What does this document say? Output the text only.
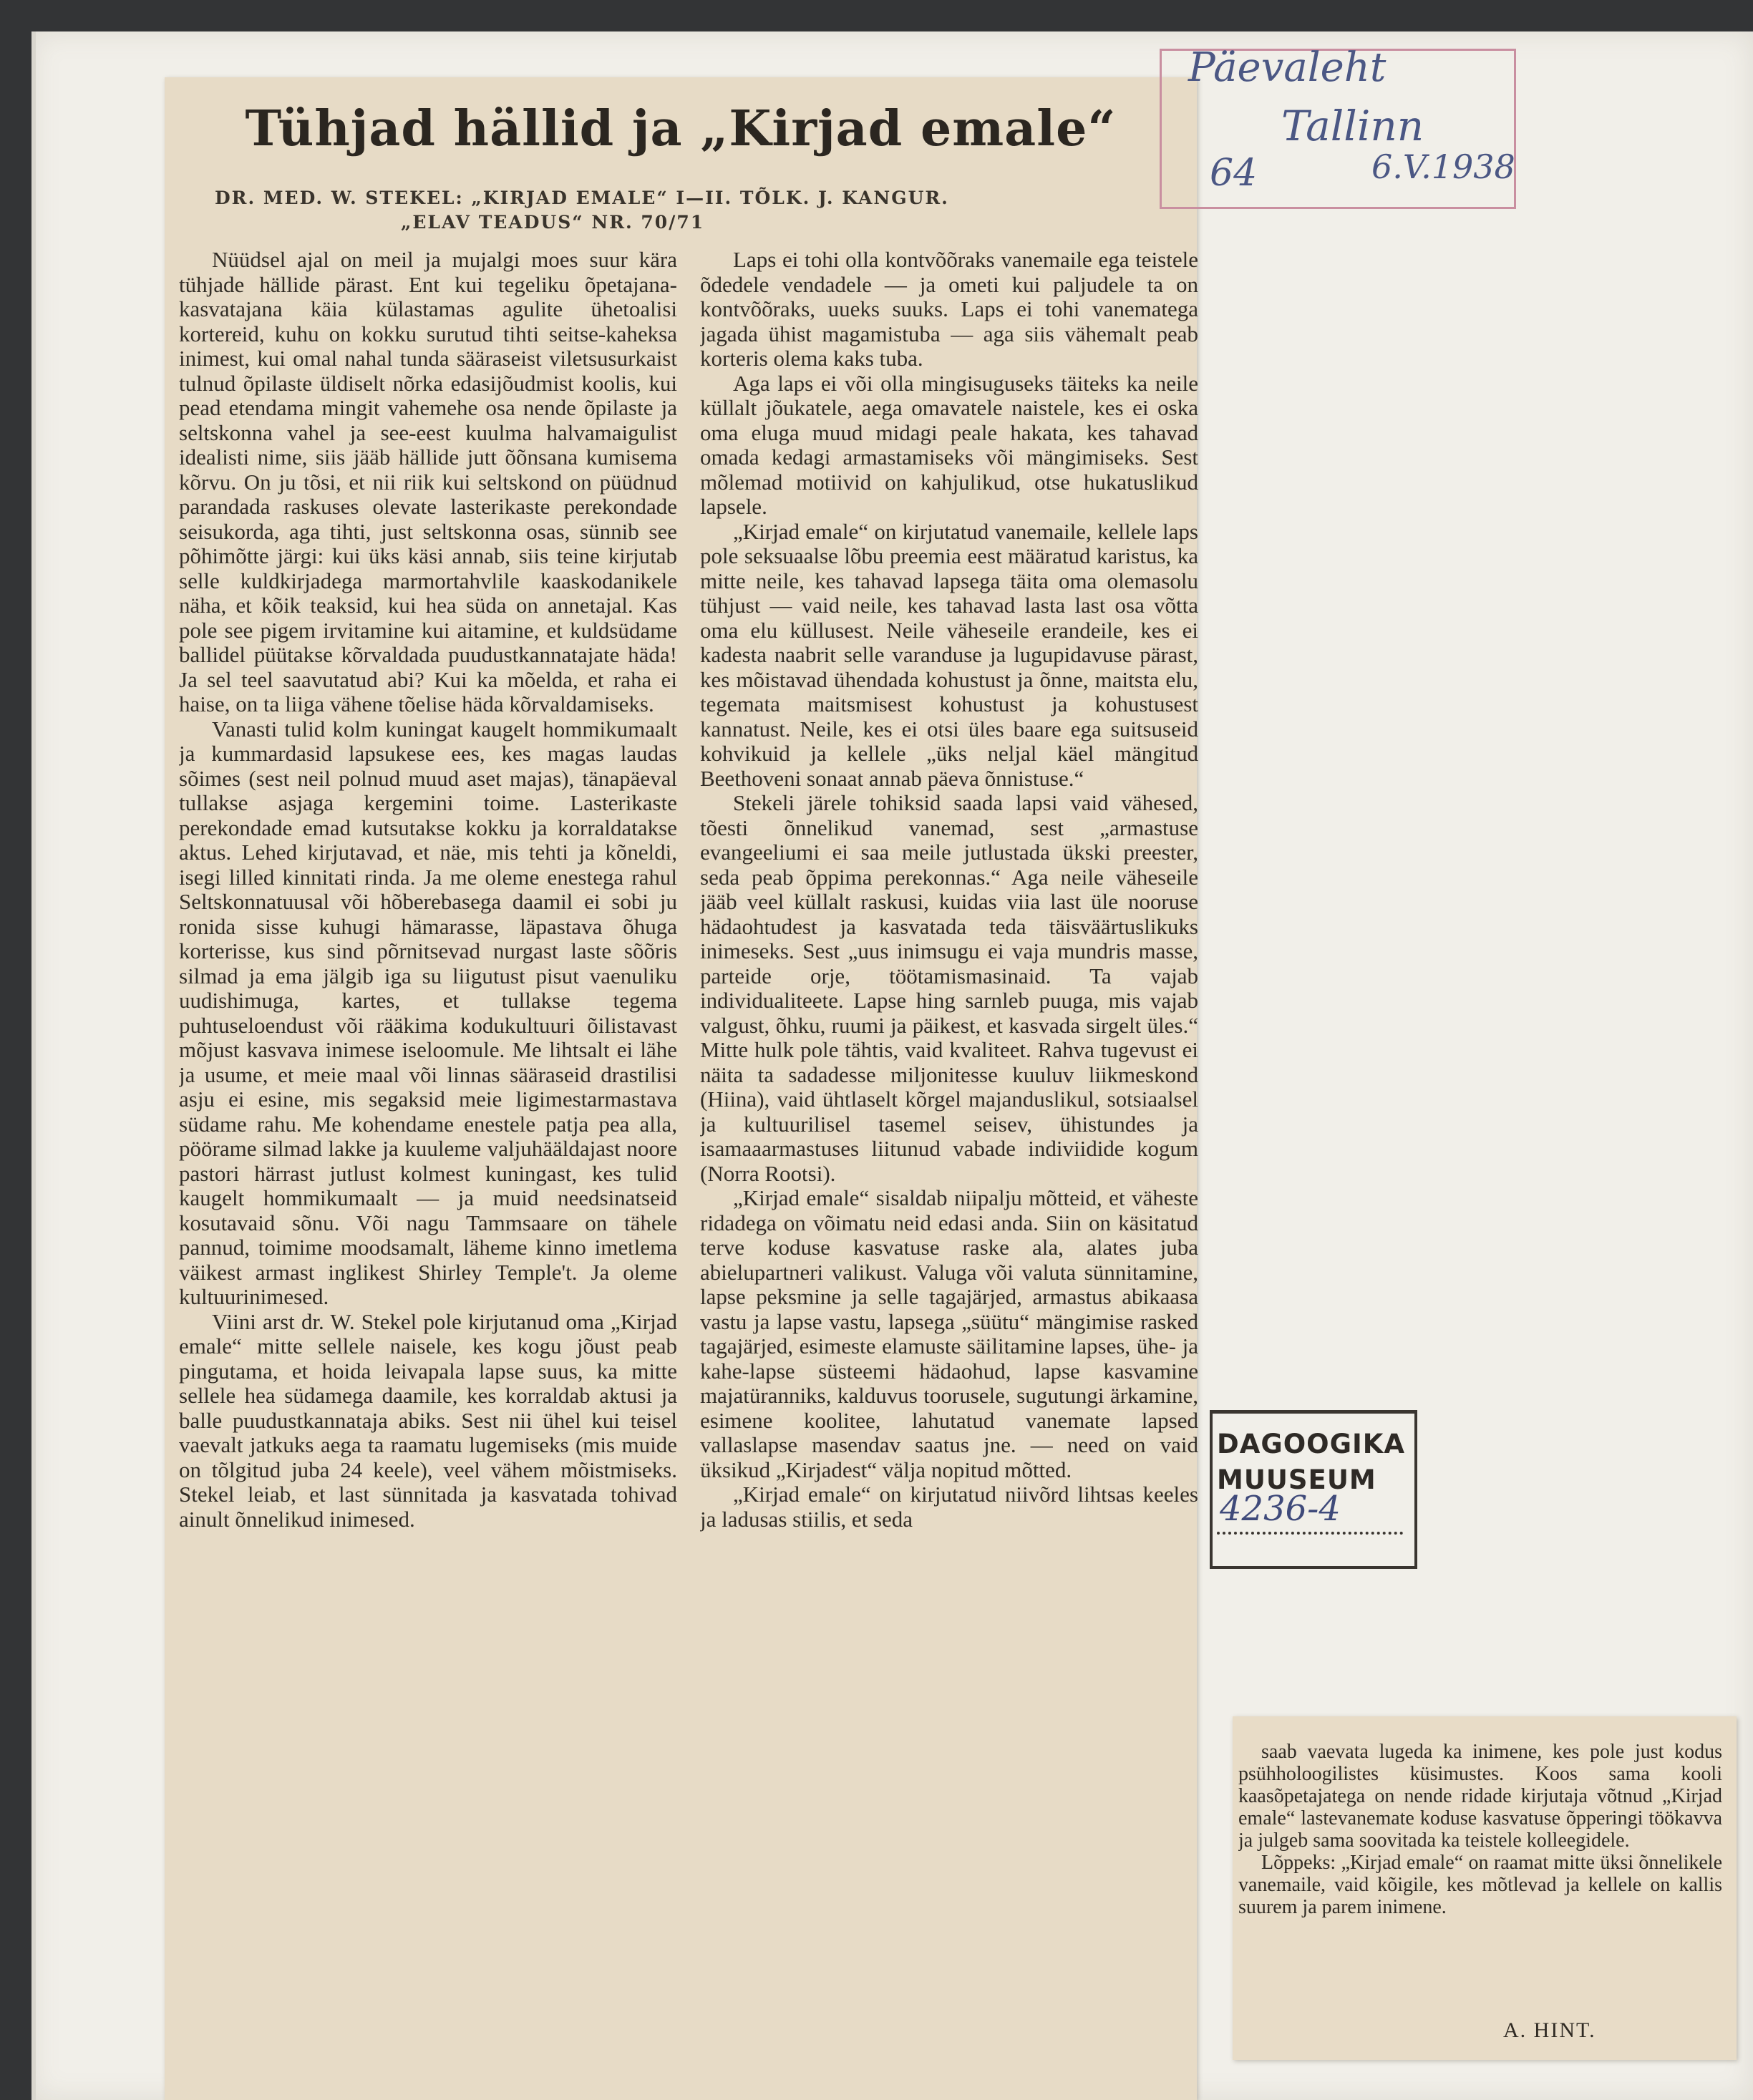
Tühjad hällid ja „Kirjad emale“

DR. MED. W. STEKEL: „KIRJAD EMALE“ I—II. TÕLK. J. KANGUR.

„ELAV TEADUS“ NR. 70/71

Päevaleht

Tallinn

64	6.V.1938

Nüüdsel ajal on meil ja mujalgi moes suur kära tühjade hällide pärast. Ent kui tegeliku õpetajana-kasvatajana käia külastamas agulite ühetoalisi kortereid, kuhu on kokku surutud tihti seitse-kaheksa inimest, kui omal nahal tunda sääraseist viletsusurkaist tulnud õpilaste üldiselt nõrka edasijõudmist koolis, kui pead etendama mingit vahemehe osa nende õpilaste ja seltskonna vahel ja see-eest kuulma halvamaigulist idealisti nime, siis jääb hällide jutt õõnsana kumisema kõrvu. On ju tõsi, et nii riik kui seltskond on püüdnud parandada raskuses olevate lasterikaste perekondade seisukorda, aga tihti, just seltskonna osas, sünnib see põhimõtte järgi: kui üks käsi annab, siis teine kirjutab selle kuldkirjadega marmortahvlile kaaskodanikele näha, et kõik teaksid, kui hea süda on annetajal. Kas pole see pigem irvitamine kui aitamine, et kuldsüdame ballidel püütakse kõrvaldada puudustkannatajate häda! Ja sel teel saavutatud abi? Kui ka mõelda, et raha ei haise, on ta liiga vähene tõelise häda kõrvaldamiseks.

Vanasti tulid kolm kuningat kaugelt hommikumaalt ja kummardasid lapsukese ees, kes magas laudas sõimes (sest neil polnud muud aset majas), tänapäeval tullakse asjaga kergemini toime. Lasterikaste perekondade emad kutsutakse kokku ja korraldatakse aktus. Lehed kirjutavad, et näe, mis tehti ja kõneldi, isegi lilled kinnitati rinda. Ja me oleme enestega rahul Seltskonnatuusal või hõberebasega daamil ei sobi ju ronida sisse kuhugi hämarasse, läpastava õhuga korterisse, kus sind põrnitsevad nurgast laste sõõris silmad ja ema jälgib iga su liigutust pisut vaenuliku uudishimuga, kartes, et tullakse tegema puhtuseloendust või rääkima kodukultuuri õilistavast mõjust kasvava inimese iseloomule. Me lihtsalt ei lähe ja usume, et meie maal või linnas sääraseid drastilisi asju ei esine, mis segaksid meie ligimestarmastava südame rahu. Me kohendame enestele patja pea alla, pöörame silmad lakke ja kuuleme valjuhääldajast noore pastori härrast jutlust kolmest kuningast, kes tulid kaugelt hommikumaalt — ja muid needsinatseid kosutavaid sõnu. Või nagu Tammsaare on tähele pannud, toimime moodsamalt, läheme kinno imetlema väikest armast inglikest Shirley Temple't. Ja oleme kultuurinimesed.

Viini arst dr. W. Stekel pole kirjutanud oma „Kirjad emale“ mitte sellele naisele, kes kogu jõust peab pingutama, et hoida leivapala lapse suus, ka mitte sellele hea südamega daamile, kes korraldab aktusi ja balle puudustkannataja abiks. Sest nii ühel kui teisel vaevalt jatkuks aega ta raamatu lugemiseks (mis muide on tõlgitud juba 24 keele), veel vähem mõistmiseks. Stekel leiab, et last sünnitada ja kasvatada tohivad ainult õnnelikud inimesed.

Laps ei tohi olla kontvõõraks vanemaile ega teistele õdedele vendadele — ja ometi kui paljudele ta on kontvõõraks, uueks suuks. Laps ei tohi vanematega jagada ühist magamistuba — aga siis vähemalt peab korteris olema kaks tuba.

Aga laps ei või olla mingisuguseks täiteks ka neile küllalt jõukatele, aega omavatele naistele, kes ei oska oma eluga muud midagi peale hakata, kes tahavad omada kedagi armastamiseks või mängimiseks. Sest mõlemad motiivid on kahjulikud, otse hukatuslikud lapsele.

„Kirjad emale“ on kirjutatud vanemaile, kellele laps pole seksuaalse lõbu preemia eest määratud karistus, ka mitte neile, kes tahavad lapsega täita oma olemasolu tühjust — vaid neile, kes tahavad lasta last osa võtta oma elu küllusest. Neile väheseile erandeile, kes ei kadesta naabrit selle varanduse ja lugupidavuse pärast, kes mõistavad ühendada kohustust ja õnne, maitsta elu, tegemata maitsmisest kohustust ja kohustusest kannatust. Neile, kes ei otsi üles baare ega suitsuseid kohvikuid ja kellele „üks neljal käel mängitud Beethoveni sonaat annab päeva õnnistuse.“

Stekeli järele tohiksid saada lapsi vaid vähesed, tõesti õnnelikud vanemad, sest „armastuse evangeeliumi ei saa meile jutlustada ükski preester, seda peab õppima perekonnas.“ Aga neile väheseile jääb veel küllalt raskusi, kuidas viia last üle nooruse hädaohtudest ja kasvatada teda täisväärtuslikuks inimeseks. Sest „uus inimsugu ei vaja mundris masse, parteide orje, töötamismasinaid. Ta vajab individualiteete. Lapse hing sarnleb puuga, mis vajab valgust, õhku, ruumi ja päikest, et kasvada sirgelt üles.“ Mitte hulk pole tähtis, vaid kvaliteet. Rahva tugevust ei näita ta sadadesse miljonitesse kuuluv liikmeskond (Hiina), vaid ühtlaselt kõrgel majanduslikul, sotsiaalsel ja kultuurilisel tasemel seisev, ühistundes ja isamaaarmastuses liitunud vabade indiviidide kogum (Norra Rootsi).

„Kirjad emale“ sisaldab niipalju mõtteid, et väheste ridadega on võimatu neid edasi anda. Siin on käsitatud terve koduse kasvatuse raske ala, alates juba abielupartneri valikust. Valuga või valuta sünnitamine, lapse peksmine ja selle tagajärjed, armastus abikaasa vastu ja lapse vastu, lapsega „süütu“ mängimise rasked tagajärjed, esimeste elamuste säilitamine lapses, ühe- ja kahe-lapse süsteemi hädaohud, lapse kasvamine majatüranniks, kalduvus toorusele, sugutungi ärkamine, esimene koolitee, lahutatud vanemate lapsed vallaslapse masendav saatus jne. — need on vaid üksikud „Kirjadest“ välja nopitud mõtted.

„Kirjad emale“ on kirjutatud niivõrd lihtsas keeles ja ladusas stiilis, et seda

DAGOOGIKA

MUUSEUM

4236-4

saab vaevata lugeda ka inimene, kes pole just kodus psühholoogilistes küsimustes. Koos sama kooli kaasõpetajatega on nende ridade kirjutaja võtnud „Kirjad emale“ lastevanemate koduse kasvatuse õpperingi töökavva ja julgeb sama soovitada ka teistele kolleegidele.

Lõppeks: „Kirjad emale“ on raamat mitte üksi õnnelikele vanemaile, vaid kõigile, kes mõtlevad ja kellele on kallis suurem ja parem inimene.

A. HINT.
